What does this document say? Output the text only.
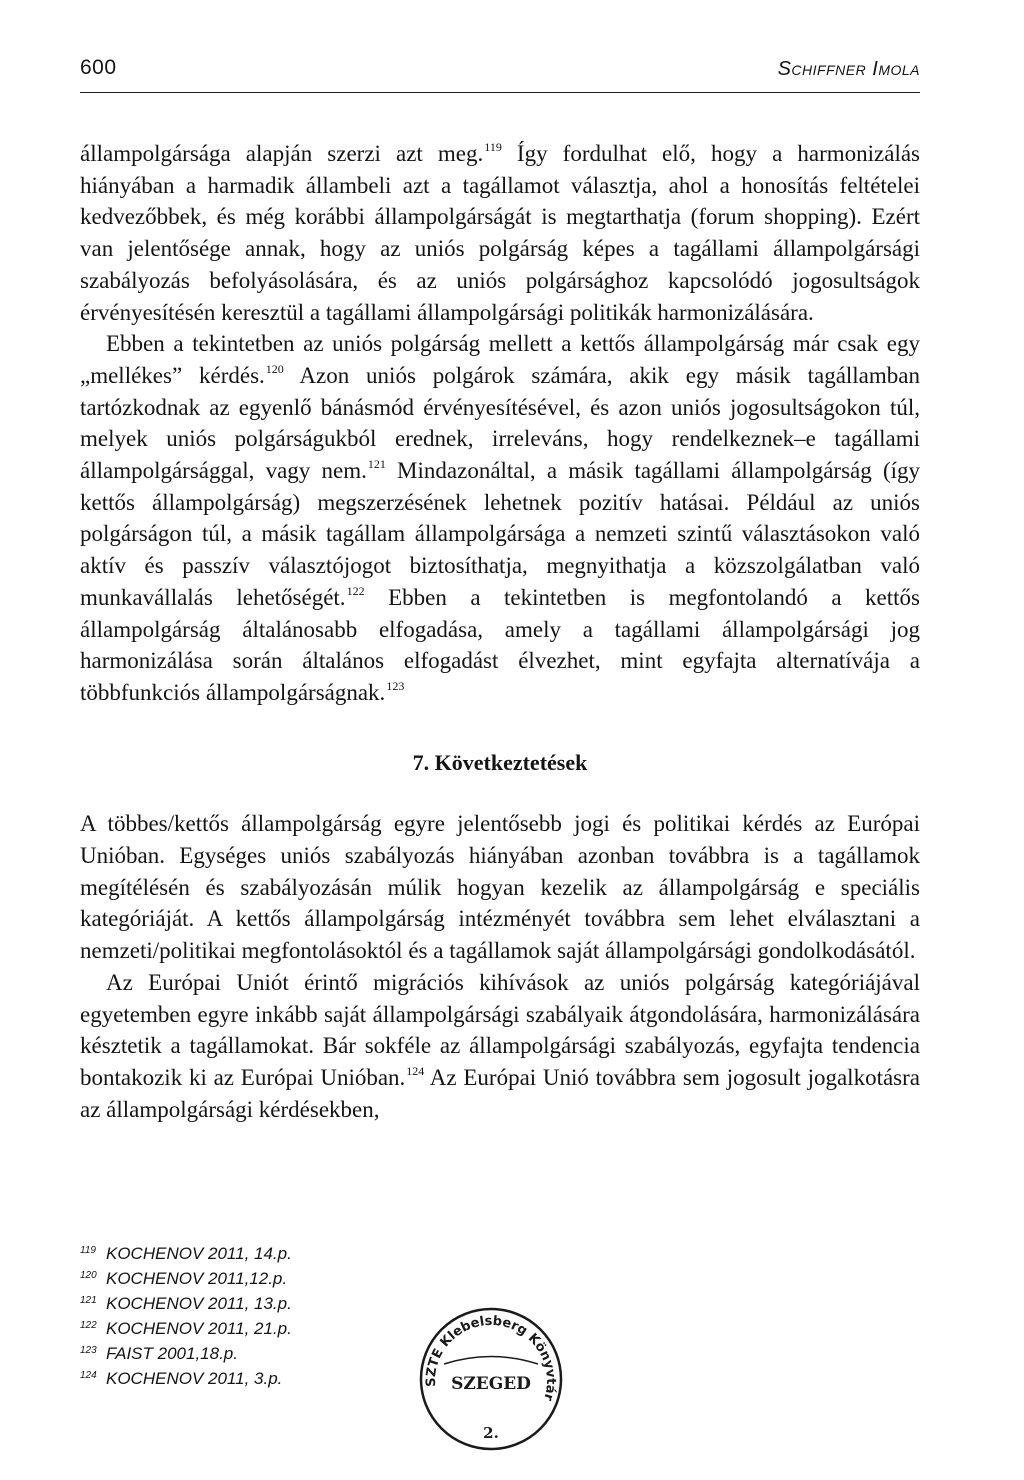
600	Schiffner Imola

állampolgársága alapján szerzi azt meg.$^{119}$ Így fordulhat elő, hogy a harmonizálás hiányában a harmadik állambeli azt a tagállamot választja, ahol a honosítás feltételei kedvezőbbek, és még korábbi állampolgárságát is megtarthatja (forum shopping). Ezért van jelentősége annak, hogy az uniós polgárság képes a tagállami állampolgársági szabályozás befolyásolására, és az uniós polgársághoz kapcsolódó jogosultságok érvényesítésén keresztül a tagállami állampolgársági politikák harmonizálására.

Ebben a tekintetben az uniós polgárság mellett a kettős állampolgárság már csak egy „mellékes” kérdés.$^{120}$ Azon uniós polgárok számára, akik egy másik tagállamban tartózkodnak az egyenlő bánásmód érvényesítésével, és azon uniós jogosultságokon túl, melyek uniós polgárságukból erednek, irreleváns, hogy rendelkeznek–e tagállami állampolgársággal, vagy nem.$^{121}$ Mindazonáltal, a másik tagállami állampolgárság (így kettős állampolgárság) megszerzésének lehetnek pozitív hatásai. Például az uniós polgárságon túl, a másik tagállam állampolgársága a nemzeti szintű választásokon való aktív és passzív választójogot biztosíthatja, megnyithatja a közszolgálatban való munkavállalás lehetőségét.$^{122}$ Ebben a tekintetben is megfontolandó a kettős állampolgárság általánosabb elfogadása, amely a tagállami állampolgársági jog harmonizálása során általános elfogadást élvezhet, mint egyfajta alternatívája a többfunkciós állampolgárságnak.$^{123}$

7. Következtetések

A többes/kettős állampolgárság egyre jelentősebb jogi és politikai kérdés az Európai Unióban. Egységes uniós szabályozás hiányában azonban továbbra is a tagállamok megítélésén és szabályozásán múlik hogyan kezelik az állampolgárság e speciális kategóriáját. A kettős állampolgárság intézményét továbbra sem lehet elválasztani a nemzeti/politikai megfontolásoktól és a tagállamok saját állampolgársági gondolkodásától.

Az Európai Uniót érintő migrációs kihívások az uniós polgárság kategóriájával egyetemben egyre inkább saját állampolgársági szabályaik átgondolására, harmonizálására késztetik a tagállamokat. Bár sokféle az állampolgársági szabályozás, egyfajta tendencia bontakozik ki az Európai Unióban.$^{124}$ Az Európai Unió továbbra sem jogosult jogalkotásra az állampolgársági kérdésekben,

119 KOCHENOV 2011, 14.p.
120 KOCHENOV 2011,12.p.
121 KOCHENOV 2011, 13.p.
122 KOCHENOV 2011, 21.p.
123 FAIST 2001,18.p.
124 KOCHENOV 2011, 3.p.	SZTE Klebelsberg Könyvtár
SZEGED
2.
